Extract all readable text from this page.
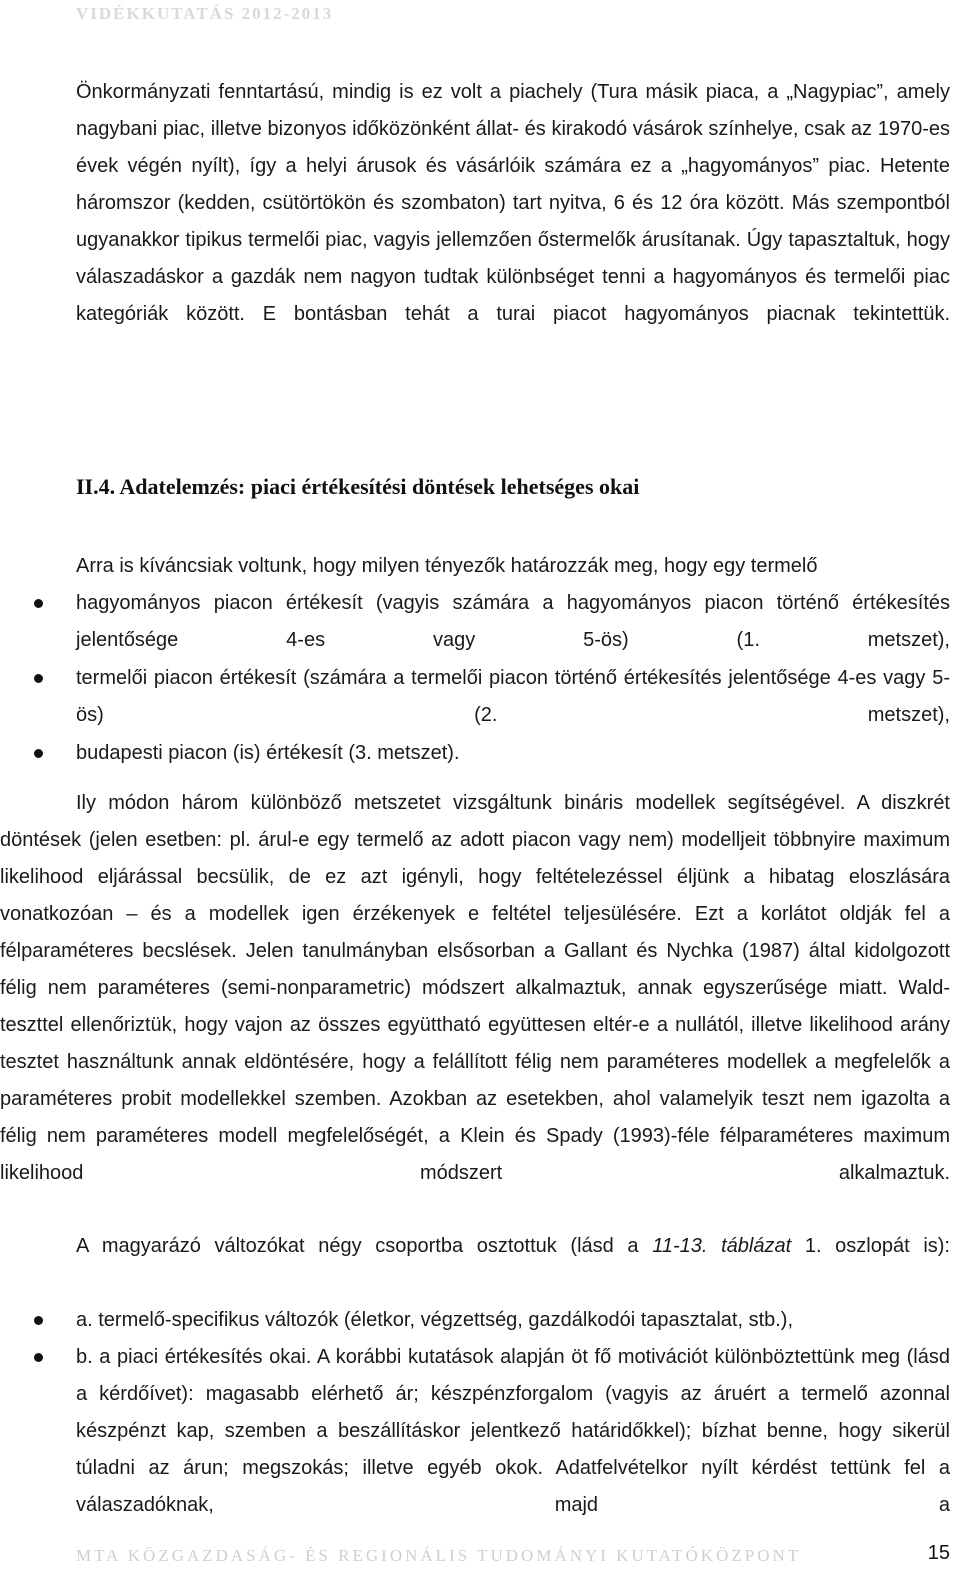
VIDÉKKUTATÁS 2012-2013

Önkormányzati fenntartású, mindig is ez volt a piachely (Tura másik piaca, a „Nagypiac”, amely nagybani piac, illetve bizonyos időközönként állat- és kirakodó vásárok színhelye, csak az 1970-es évek végén nyílt), így a helyi árusok és vásárlóik számára ez a „hagyományos” piac. Hetente háromszor (kedden, csütörtökön és szombaton) tart nyitva, 6 és 12 óra között. Más szempontból ugyanakkor tipikus termelői piac, vagyis jellemzően őstermelők árusítanak. Úgy tapasztaltuk, hogy válaszadáskor a gazdák nem nagyon tudtak különbséget tenni a hagyományos és termelői piac kategóriák között. E bontásban tehát a turai piacot hagyományos piacnak tekintettük.

II.4. Adatelemzés: piaci értékesítési döntések lehetséges okai

Arra is kíváncsiak voltunk, hogy milyen tényezők határozzák meg, hogy egy termelő

hagyományos piacon értékesít (vagyis számára a hagyományos piacon történő értékesítés jelentősége 4-es vagy 5-ös) (1. metszet),

termelői piacon értékesít (számára a termelői piacon történő értékesítés jelentősége 4-es vagy 5-ös) (2. metszet),

budapesti piacon (is) értékesít (3. metszet).

Ily módon három különböző metszetet vizsgáltunk bináris modellek segítségével. A diszkrét döntések (jelen esetben: pl. árul-e egy termelő az adott piacon vagy nem) modelljeit többnyire maximum likelihood eljárással becsülik, de ez azt igényli, hogy feltételezéssel éljünk a hibatag eloszlására vonatkozóan – és a modellek igen érzékenyek e feltétel teljesülésére. Ezt a korlátot oldják fel a félparaméteres becslések. Jelen tanulmányban elsősorban a Gallant és Nychka (1987) által kidolgozott félig nem paraméteres (semi-nonparametric) módszert alkalmaztuk, annak egyszerűsége miatt. Wald-teszttel ellenőriztük, hogy vajon az összes együttható együttesen eltér-e a nullától, illetve likelihood arány tesztet használtunk annak eldöntésére, hogy a felállított félig nem paraméteres modellek a megfelelők a paraméteres probit modellekkel szemben. Azokban az esetekben, ahol valamelyik teszt nem igazolta a félig nem paraméteres modell megfelelőségét, a Klein és Spady (1993)-féle félparaméteres maximum likelihood módszert alkalmaztuk.

A magyarázó változókat négy csoportba osztottuk (lásd a 11-13. táblázat 1. oszlopát is):

a. termelő-specifikus változók (életkor, végzettség, gazdálkodói tapasztalat, stb.),

b. a piaci értékesítés okai. A korábbi kutatások alapján öt fő motivációt különböztettünk meg (lásd a kérdőívet): magasabb elérhető ár; készpénzforgalom (vagyis az áruért a termelő azonnal készpénzt kap, szemben a beszállításkor jelentkező határidőkkel); bízhat benne, hogy sikerül túladni az árun; megszokás; illetve egyéb okok. Adatfelvételkor nyílt kérdést tettünk fel a válaszadóknak, majd a

MTA KÖZGAZDASÁG- ÉS REGIONÁLIS TUDOMÁNYI KUTATÓKÖZPONT	15
